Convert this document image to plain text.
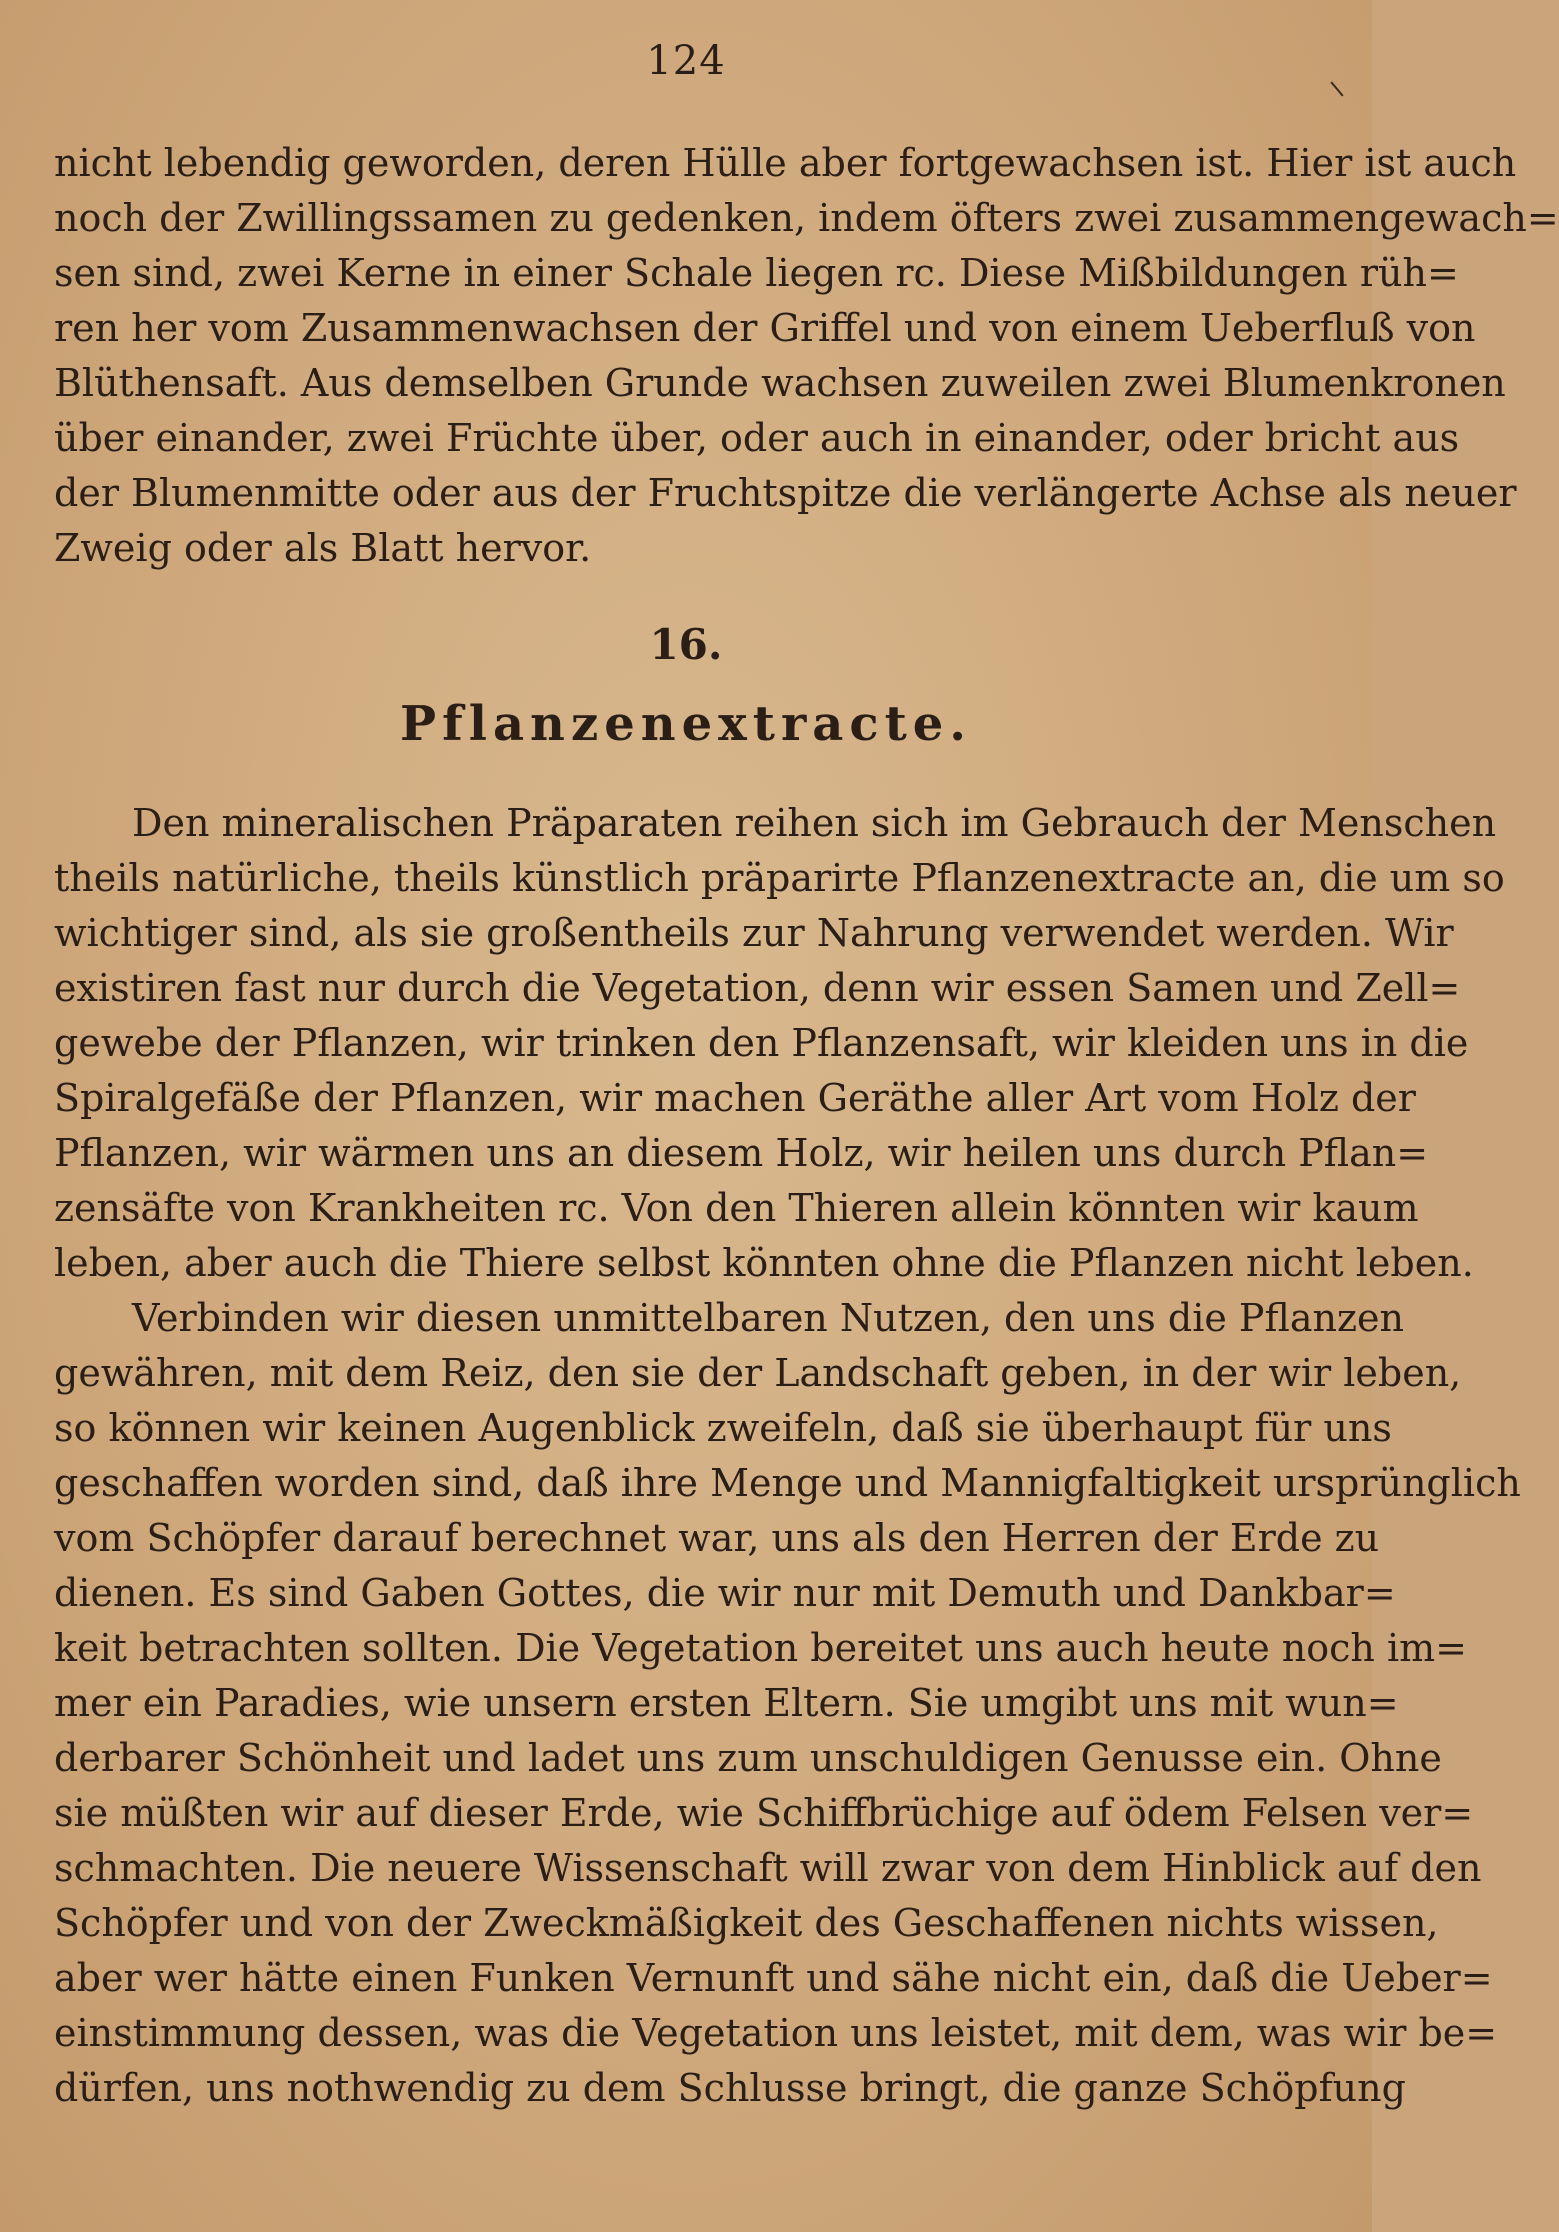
124
nicht lebendig geworden, deren Hülle aber fortgewachsen ist. Hier ist auch
noch der Zwillingssamen zu gedenken, indem öfters zwei zusammengewach=
sen sind, zwei Kerne in einer Schale liegen rc. Diese Mißbildungen rüh=
ren her vom Zusammenwachsen der Griffel und von einem Ueberfluß von
Blüthensaft. Aus demselben Grunde wachsen zuweilen zwei Blumenkronen
über einander, zwei Früchte über, oder auch in einander, oder bricht aus
der Blumenmitte oder aus der Fruchtspitze die verlängerte Achse als neuer
Zweig oder als Blatt hervor.
16.
Pflanzenextracte.
Den mineralischen Präparaten reihen sich im Gebrauch der Menschen
theils natürliche, theils künstlich präparirte Pflanzenextracte an, die um so
wichtiger sind, als sie großentheils zur Nahrung verwendet werden. Wir
existiren fast nur durch die Vegetation, denn wir essen Samen und Zell=
gewebe der Pflanzen, wir trinken den Pflanzensaft, wir kleiden uns in die
Spiralgefäße der Pflanzen, wir machen Geräthe aller Art vom Holz der
Pflanzen, wir wärmen uns an diesem Holz, wir heilen uns durch Pflan=
zensäfte von Krankheiten rc. Von den Thieren allein könnten wir kaum
leben, aber auch die Thiere selbst könnten ohne die Pflanzen nicht leben.
Verbinden wir diesen unmittelbaren Nutzen, den uns die Pflanzen
gewähren, mit dem Reiz, den sie der Landschaft geben, in der wir leben,
so können wir keinen Augenblick zweifeln, daß sie überhaupt für uns
geschaffen worden sind, daß ihre Menge und Mannigfaltigkeit ursprünglich
vom Schöpfer darauf berechnet war, uns als den Herren der Erde zu
dienen. Es sind Gaben Gottes, die wir nur mit Demuth und Dankbar=
keit betrachten sollten. Die Vegetation bereitet uns auch heute noch im=
mer ein Paradies, wie unsern ersten Eltern. Sie umgibt uns mit wun=
derbarer Schönheit und ladet uns zum unschuldigen Genusse ein. Ohne
sie müßten wir auf dieser Erde, wie Schiffbrüchige auf ödem Felsen ver=
schmachten. Die neuere Wissenschaft will zwar von dem Hinblick auf den
Schöpfer und von der Zweckmäßigkeit des Geschaffenen nichts wissen,
aber wer hätte einen Funken Vernunft und sähe nicht ein, daß die Ueber=
einstimmung dessen, was die Vegetation uns leistet, mit dem, was wir be=
dürfen, uns nothwendig zu dem Schlusse bringt, die ganze Schöpfung
